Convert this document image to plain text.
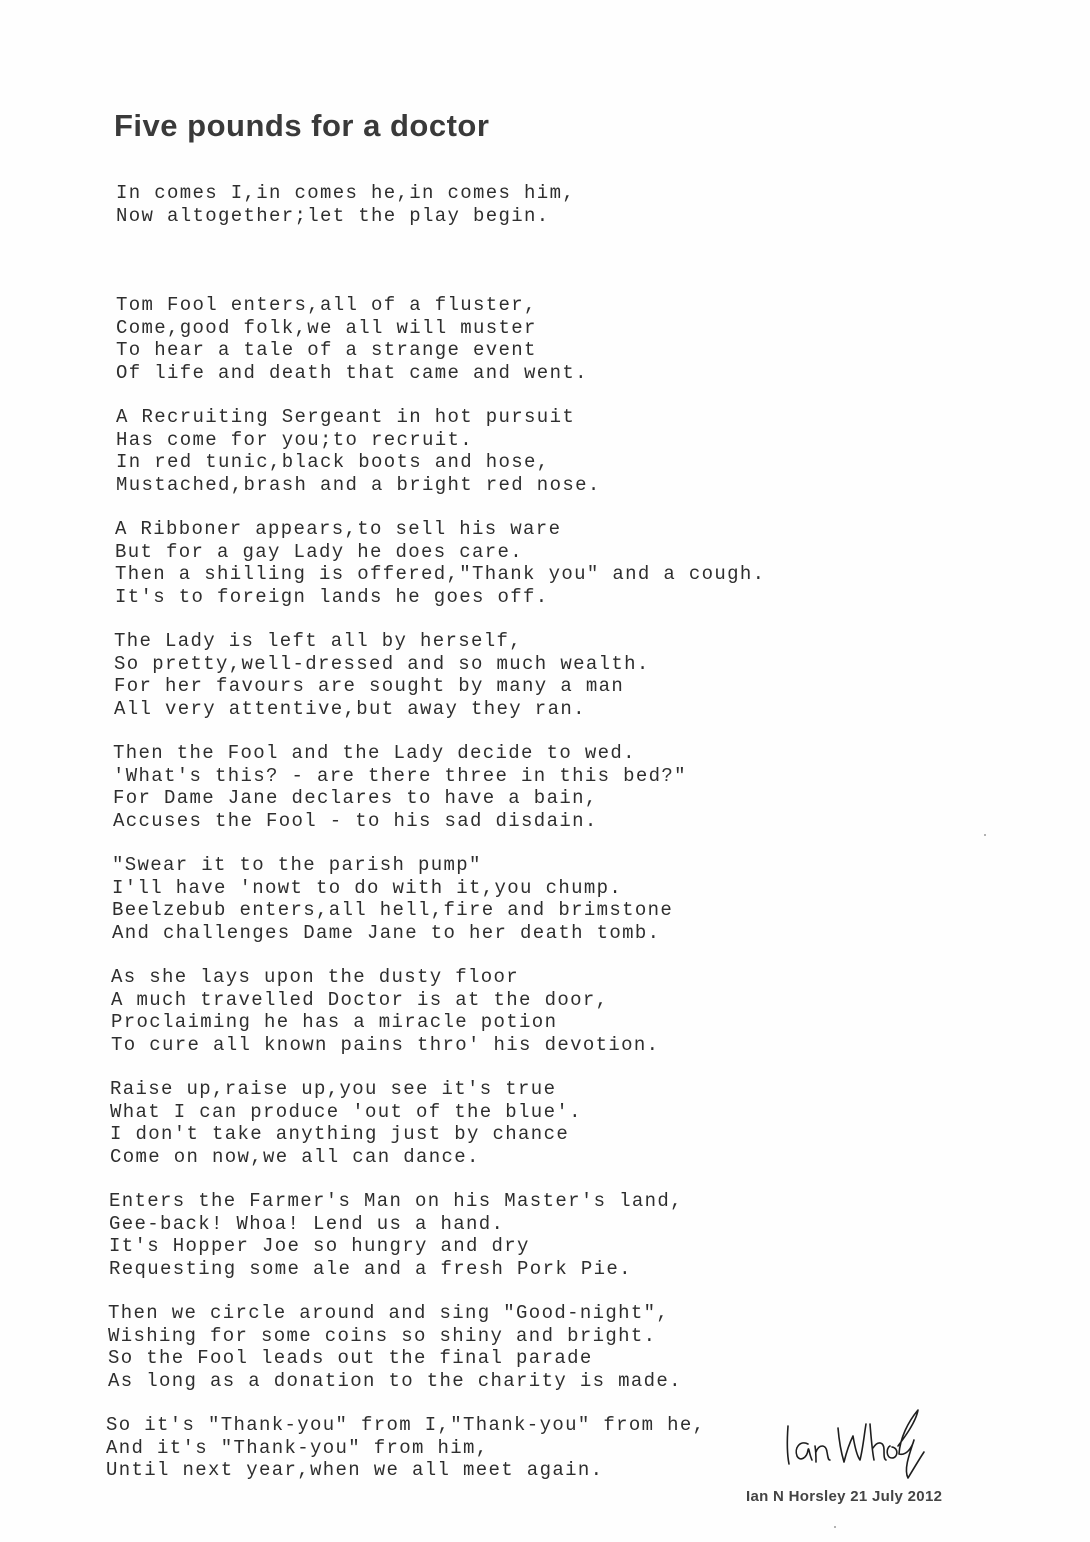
Five pounds for a doctor
In comes I,in comes he,in comes him,
Now altogether;let the play begin.
Tom Fool enters,all of a fluster,
Come,good folk,we all will muster
To hear a tale of a strange event
Of life and death that came and went.
A Recruiting Sergeant in hot pursuit
Has come for you;to recruit.
In red tunic,black boots and hose,
Mustached,brash and a bright red nose.
A Ribboner appears,to sell his ware
But for a gay Lady he does care.
Then a shilling is offered,"Thank you" and a cough.
It's to foreign lands he goes off.
The Lady is left all by herself,
So pretty,well-dressed and so much wealth.
For her favours are sought by many a man
All very attentive,but away they ran.
Then the Fool and the Lady decide to wed.
'What's this? - are there three in this bed?"
For Dame Jane declares to have a bain,
Accuses the Fool - to his sad disdain.
"Swear it to the parish pump"
I'll have 'nowt to do with it,you chump.
Beelzebub enters,all hell,fire and brimstone
And challenges Dame Jane to her death tomb.
As she lays upon the dusty floor
A much travelled Doctor is at the door,
Proclaiming he has a miracle potion
To cure all known pains thro' his devotion.
Raise up,raise up,you see it's true
What I can produce 'out of the blue'.
I don't take anything just by chance
Come on now,we all can dance.
Enters the Farmer's Man on his Master's land,
Gee-back! Whoa! Lend us a hand.
It's Hopper Joe so hungry and dry
Requesting some ale and a fresh Pork Pie.
Then we circle around and sing "Good-night",
Wishing for some coins so shiny and bright.
So the Fool leads out the final parade
As long as a donation to the charity is made.
So it's "Thank-you" from I,"Thank-you" from he,
And it's "Thank-you" from him,
Until next year,when we all meet again.

Ian N Horsley 21 July 2012
